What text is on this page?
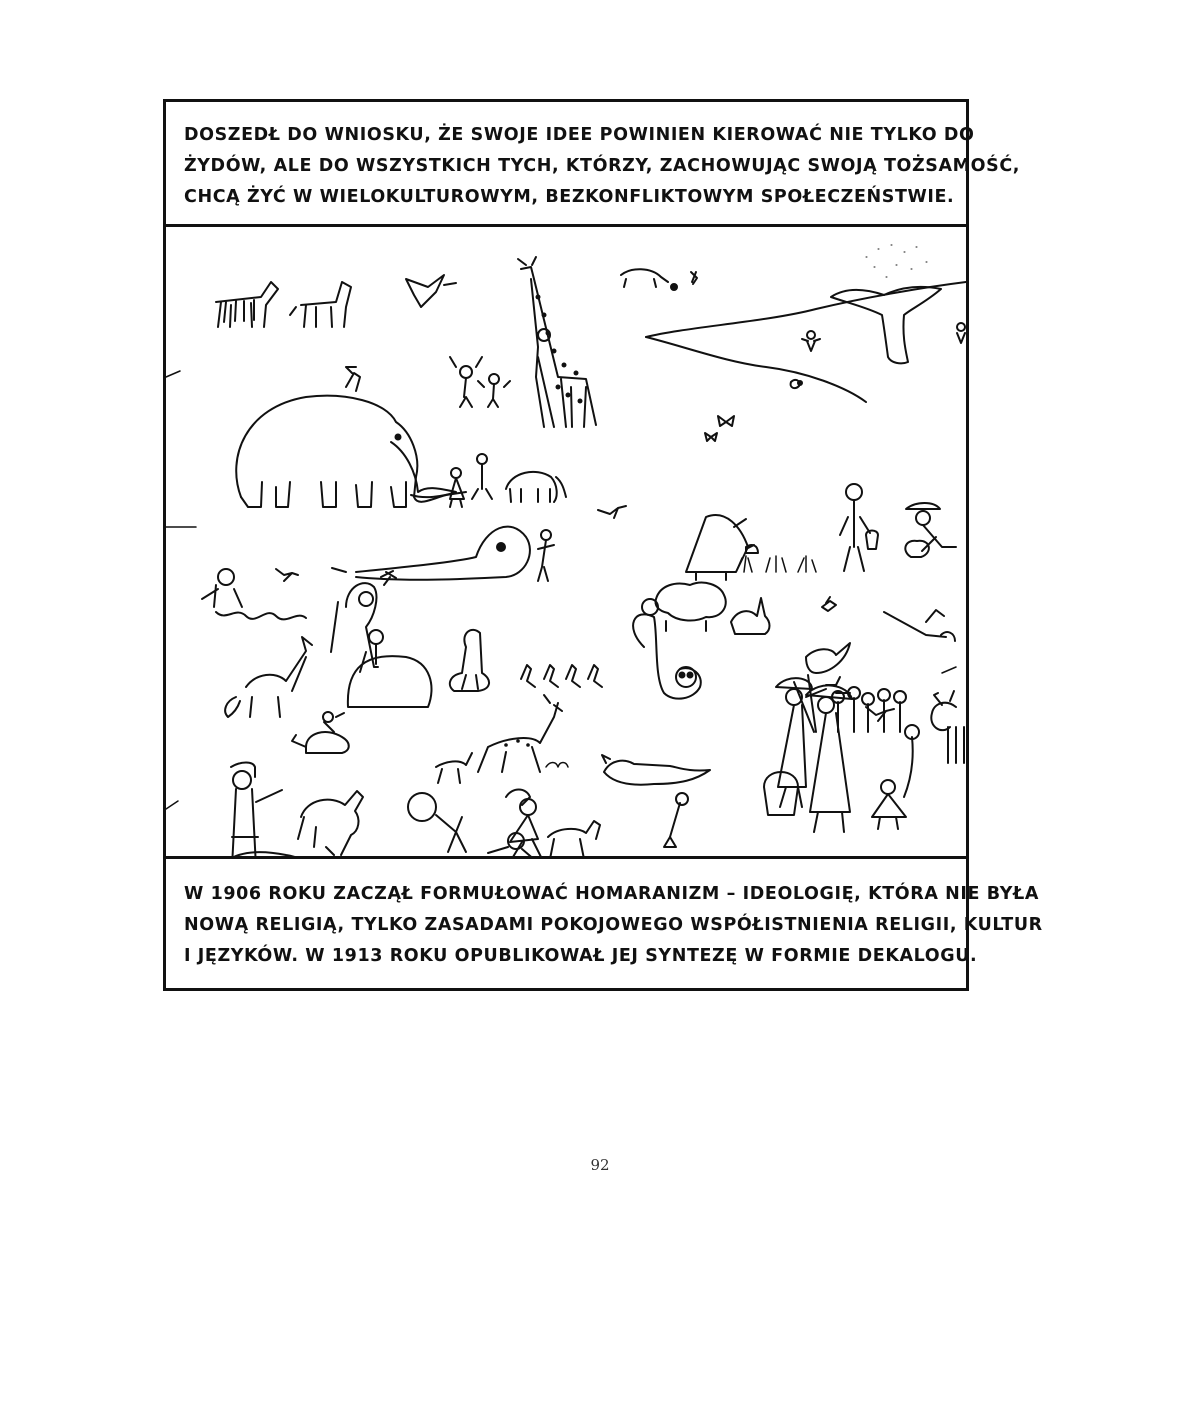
DOSZEDŁ DO WNIOSKU, ŻE SWOJE IDEE POWINIEN KIEROWAĆ NIE TYLKO DO
ŻYDÓW, ALE DO WSZYSTKICH TYCH, KTÓRZY, ZACHOWUJĄC SWOJĄ TOŻSAMOŚĆ,
CHCĄ ŻYĆ W WIELOKULTUROWYM, BEZKONFLIKTOWYM SPOŁECZEŃSTWIE.
W 1906 ROKU ZACZĄŁ FORMUŁOWAĆ HOMARANIZM – IDEOLOGIĘ, KTÓRA NIE BYŁA
NOWĄ RELIGIĄ, TYLKO ZASADAMI POKOJOWEGO WSPÓŁISTNIENIA RELIGII, KULTUR
I JĘZYKÓW. W 1913 ROKU OPUBLIKOWAŁ JEJ SYNTEZĘ W FORMIE DEKALOGU.
92
